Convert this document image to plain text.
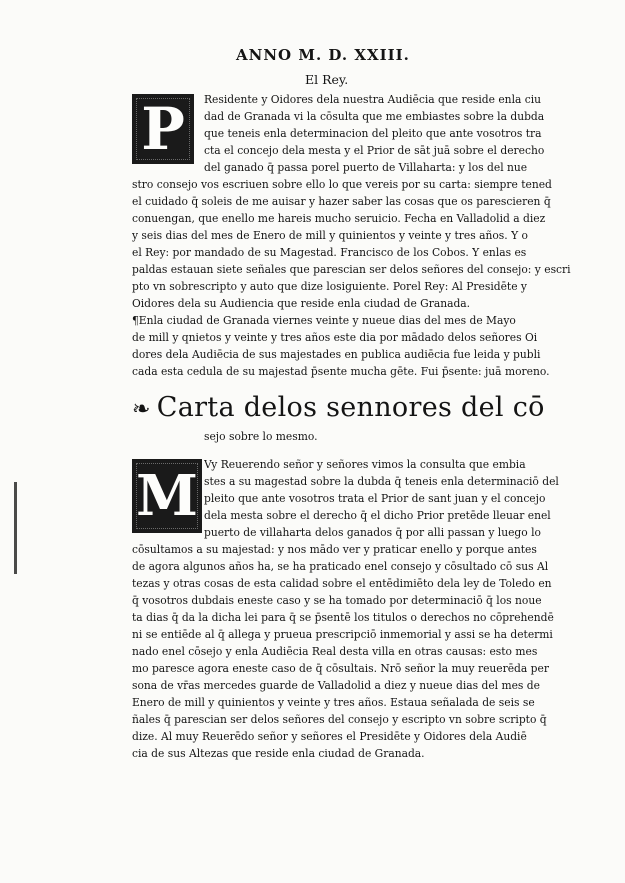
ANNO M. D. XXIII.
El Rey.
P Residente y Oidores dela nuestra Audiēcia que reside enla ciu
dad de Granada vi la cōsulta que me embiastes sobre la dubda
que teneis enla determinacion del pleito que ante vosotros tra
cta el concejo dela mesta y el Prior de sāt juā sobre el derecho
del ganado q̄ passa porel puerto de Villaharta: y los del nue
stro consejo vos escriuen sobre ello lo que vereis por su carta: siempre tened
el cuidado q̄ soleis de me auisar y hazer saber las cosas que os parescieren q̄
conuengan, que enello me hareis mucho seruicio. Fecha en Valladolid a diez
y seis dias del mes de Enero de mill y quinientos y veinte y tres años. Y o
el Rey: por mandado de su Magestad. Francisco de los Cobos. Y enlas es
paldas estauan siete señales que parescian ser delos señores del consejo: y escri
pto vn sobrescripto y auto que dize losiguiente. Porel Rey: Al Presidēte y
Oidores dela su Audiencia que reside enla ciudad de Granada.
¶Enla ciudad de Granada viernes veinte y nueue dias del mes de Mayo
de mill y qnietos y veinte y tres años este dia por mādado delos señores Oi
dores dela Audiēcia de sus majestades en publica audiēcia fue leida y publi
cada esta cedula de su majestad p̄sente mucha gēte. Fui p̄sente: juā moreno.
❧ Carta delos sennores del cō
sejo sobre lo mesmo.
M Vy Reuerendo señor y señores vimos la consulta que embia
stes a su magestad sobre la dubda q̄ teneis enla determinaciō del
pleito que ante vosotros trata el Prior de sant juan y el concejo
dela mesta sobre el derecho q̄ el dicho Prior pretēde lleuar enel
puerto de villaharta delos ganados q̄ por alli passan y luego lo
cōsultamos a su majestad: y nos mādo ver y praticar enello y porque antes
de agora algunos años ha, se ha praticado enel consejo y cōsultado cō sus Al
tezas y otras cosas de esta calidad sobre el entēdimiēto dela ley de Toledo en
q̄ vosotros dubdais eneste caso y se ha tomado por determinaciō q̄ los noue
ta dias q̄ da la dicha lei para q̄ se p̄sentē los titulos o derechos no cōprehendē
ni se entiēde al q̄ allega y prueua prescripciō inmemorial y assi se ha determi
nado enel cōsejo y enla Audiēcia Real desta villa en otras causas: esto mes
mo paresce agora eneste caso de q̄ cōsultais. Nrō señor la muy reuerēda per
sona de vr̄as mercedes guarde de Valladolid a diez y nueue dias del mes de
Enero de mill y quinientos y veinte y tres años. Estaua señalada de seis se
ñales q̄ parescian ser delos señores del consejo y escripto vn sobre scripto q̄
dize. Al muy Reuerēdo señor y señores el Presidēte y Oidores dela Audiē
cia de sus Altezas que reside enla ciudad de Granada.
